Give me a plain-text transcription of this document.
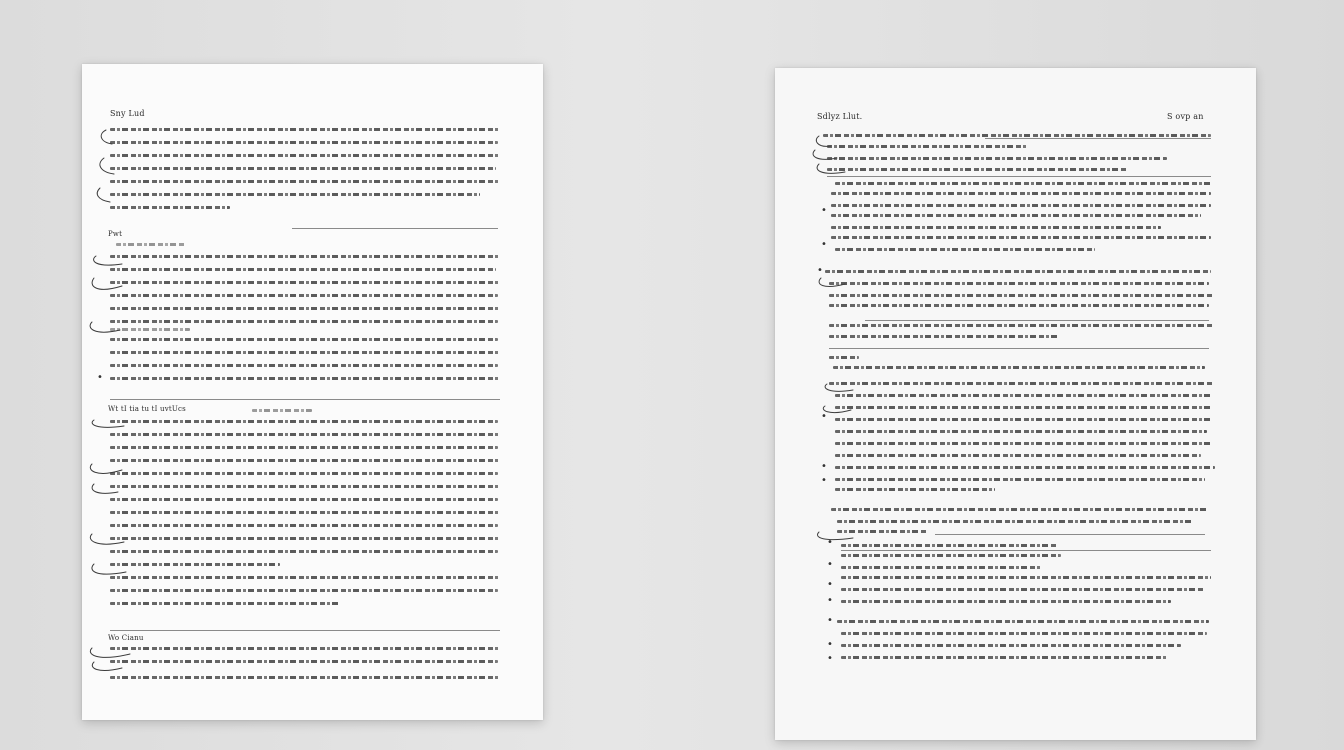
Sny Lud
Pwt
•
Wt tI tia tu tI uvtUcs
Wo Cianu
Sdlyz Llut.	S ovp an
•
•
•
•
•
•
•
•
•
•
•
•
•
